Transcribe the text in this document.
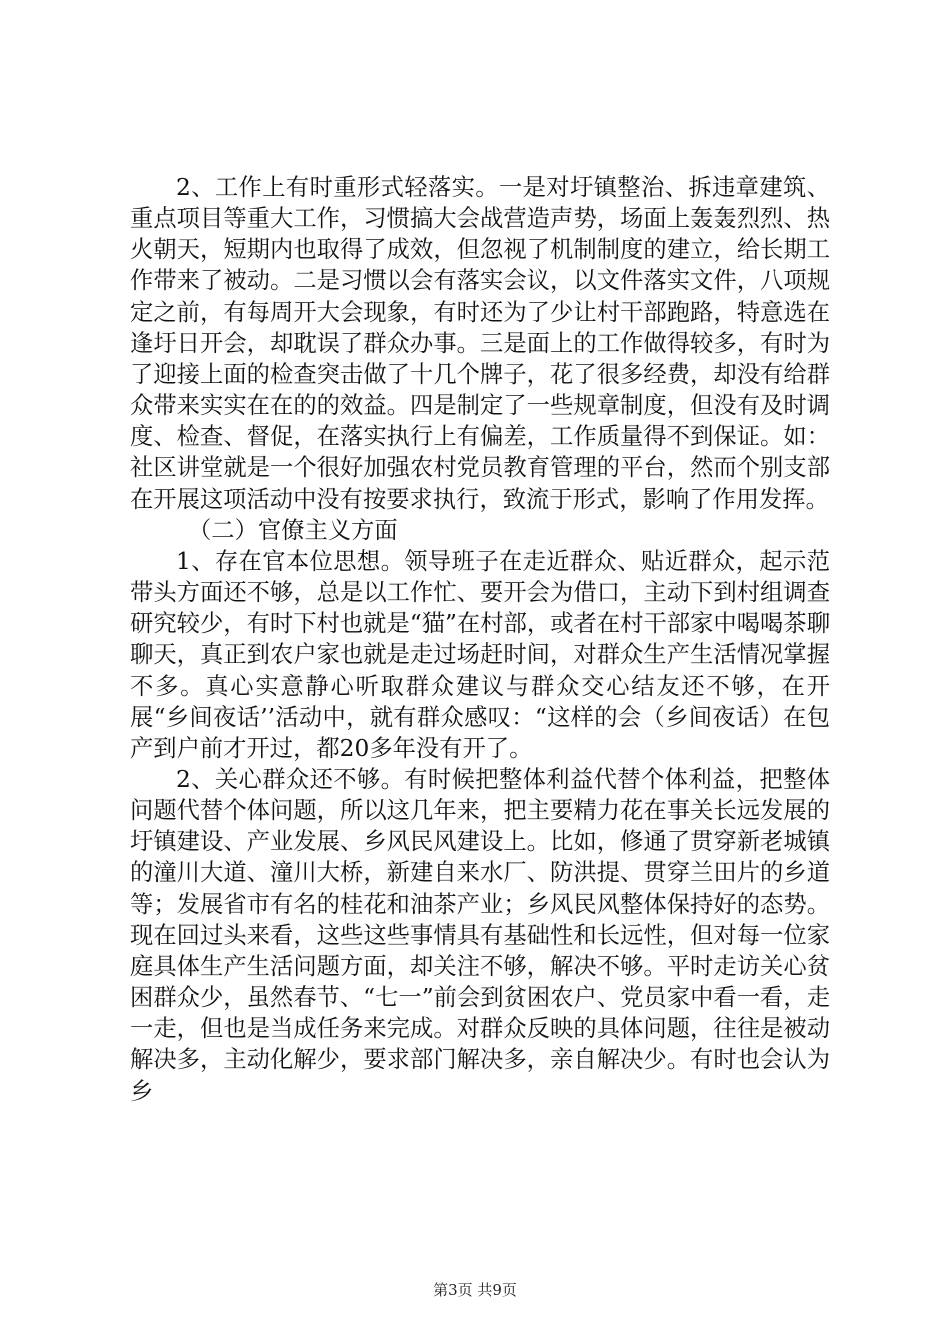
2、工作上有时重形式轻落实。一是对圩镇整治、拆违章建筑、重点项目等重大工作，习惯搞大会战营造声势，场面上轰轰烈烈、热火朝天，短期内也取得了成效，但忽视了机制制度的建立，给长期工作带来了被动。二是习惯以会有落实会议，以文件落实文件，八项规定之前，有每周开大会现象，有时还为了少让村干部跑路，特意选在逢圩日开会，却耽误了群众办事。三是面上的工作做得较多，有时为了迎接上面的检查突击做了十几个牌子，花了很多经费，却没有给群众带来实实在在的的效益。四是制定了一些规章制度，但没有及时调度、检查、督促，在落实执行上有偏差，工作质量得不到保证。如：社区讲堂就是一个很好加强农村党员教育管理的平台，然而个别支部在开展这项活动中没有按要求执行，致流于形式，影响了作用发挥。

（二）官僚主义方面

1、存在官本位思想。领导班子在走近群众、贴近群众，起示范带头方面还不够，总是以工作忙、要开会为借口，主动下到村组调查研究较少，有时下村也就是“猫”在村部，或者在村干部家中喝喝茶聊聊天，真正到农户家也就是走过场赶时间，对群众生产生活情况掌握不多。真心实意静心听取群众建议与群众交心结友还不够，在开展“乡间夜话’’活动中，就有群众感叹：“这样的会（乡间夜话）在包产到户前才开过，都20多年没有开了。

2、关心群众还不够。有时候把整体利益代替个体利益，把整体问题代替个体问题，所以这几年来，把主要精力花在事关长远发展的圩镇建设、产业发展、乡风民风建设上。比如，修通了贯穿新老城镇的潼川大道、潼川大桥，新建自来水厂、防洪提、贯穿兰田片的乡道等；发展省市有名的桂花和油茶产业；乡风民风整体保持好的态势。现在回过头来看，这些这些事情具有基础性和长远性，但对每一位家庭具体生产生活问题方面，却关注不够，解决不够。平时走访关心贫困群众少，虽然春节、“七一”前会到贫困农户、党员家中看一看，走一走，但也是当成任务来完成。对群众反映的具体问题，往往是被动解决多，主动化解少，要求部门解决多，亲自解决少。有时也会认为乡

第3页 共9页
